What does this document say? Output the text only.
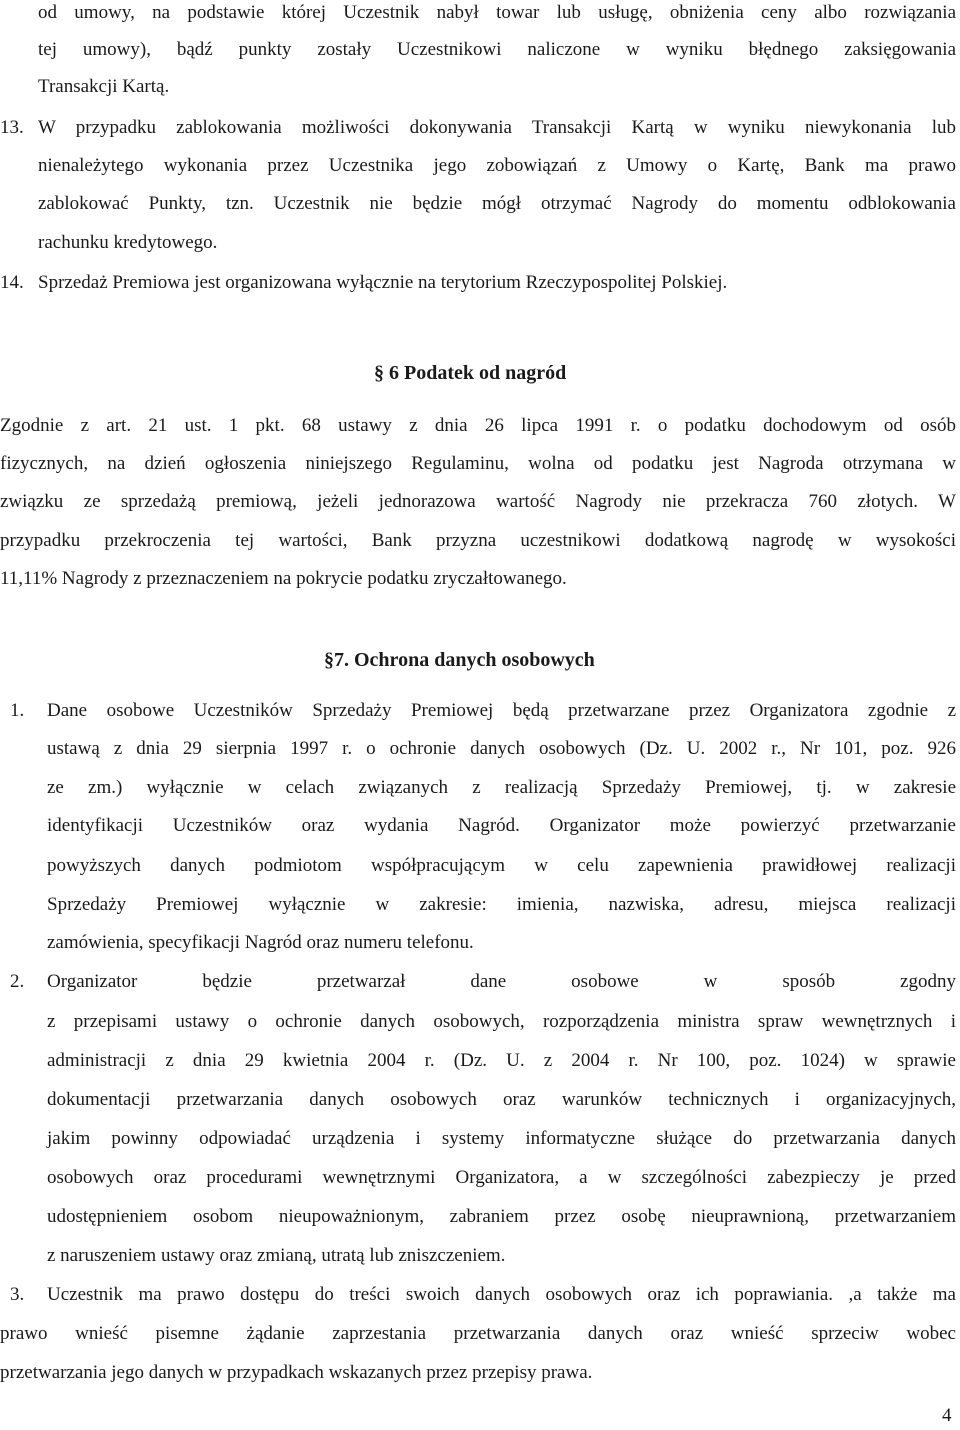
od umowy, na podstawie której Uczestnik nabył towar lub usługę, obniżenia ceny albo rozwiązania
tej umowy), bądź punkty zostały Uczestnikowi naliczone w wyniku błędnego zaksięgowania
Transakcji Kartą.
13. W przypadku zablokowania możliwości dokonywania Transakcji Kartą w wyniku niewykonania lub
nienależytego wykonania przez Uczestnika jego zobowiązań z Umowy o Kartę, Bank ma prawo
zablokować Punkty, tzn. Uczestnik nie będzie mógł otrzymać Nagrody do momentu odblokowania
rachunku kredytowego.
14. Sprzedaż Premiowa jest organizowana wyłącznie na terytorium Rzeczypospolitej Polskiej.
§ 6 Podatek od nagród
Zgodnie z art. 21 ust. 1 pkt. 68 ustawy z dnia 26 lipca 1991 r. o podatku dochodowym od osób
fizycznych, na dzień ogłoszenia niniejszego Regulaminu, wolna od podatku jest Nagroda otrzymana w
związku ze sprzedażą premiową, jeżeli jednorazowa wartość Nagrody nie przekracza 760 złotych. W
przypadku przekroczenia tej wartości, Bank przyzna uczestnikowi dodatkową nagrodę w wysokości
11,11% Nagrody z przeznaczeniem na pokrycie podatku zryczałtowanego.
§7. Ochrona danych osobowych
1. Dane osobowe Uczestników Sprzedaży Premiowej będą przetwarzane przez Organizatora zgodnie z
ustawą z dnia 29 sierpnia 1997 r. o ochronie danych osobowych (Dz. U. 2002 r., Nr 101, poz. 926
ze zm.) wyłącznie w celach związanych z realizacją Sprzedaży Premiowej, tj. w zakresie
identyfikacji Uczestników oraz wydania Nagród. Organizator może powierzyć przetwarzanie
powyższych danych podmiotom współpracującym w celu zapewnienia prawidłowej realizacji
Sprzedaży Premiowej wyłącznie w zakresie: imienia, nazwiska, adresu, miejsca realizacji
zamówienia, specyfikacji Nagród oraz numeru telefonu.
2. Organizator będzie przetwarzał dane osobowe w sposób zgodny
z przepisami ustawy o ochronie danych osobowych, rozporządzenia ministra spraw wewnętrznych i
administracji z dnia 29 kwietnia 2004 r. (Dz. U. z 2004 r. Nr 100, poz. 1024) w sprawie
dokumentacji przetwarzania danych osobowych oraz warunków technicznych i organizacyjnych,
jakim powinny odpowiadać urządzenia i systemy informatyczne służące do przetwarzania danych
osobowych oraz procedurami wewnętrznymi Organizatora, a w szczególności zabezpieczy je przed
udostępnieniem osobom nieupoważnionym, zabraniem przez osobę nieuprawnioną, przetwarzaniem
z naruszeniem ustawy oraz zmianą, utratą lub zniszczeniem.
3. Uczestnik ma prawo dostępu do treści swoich danych osobowych oraz ich poprawiania. ,a także ma
prawo wnieść pisemne żądanie zaprzestania przetwarzania danych oraz wnieść sprzeciw wobec
przetwarzania jego danych w przypadkach wskazanych przez przepisy prawa.
4
